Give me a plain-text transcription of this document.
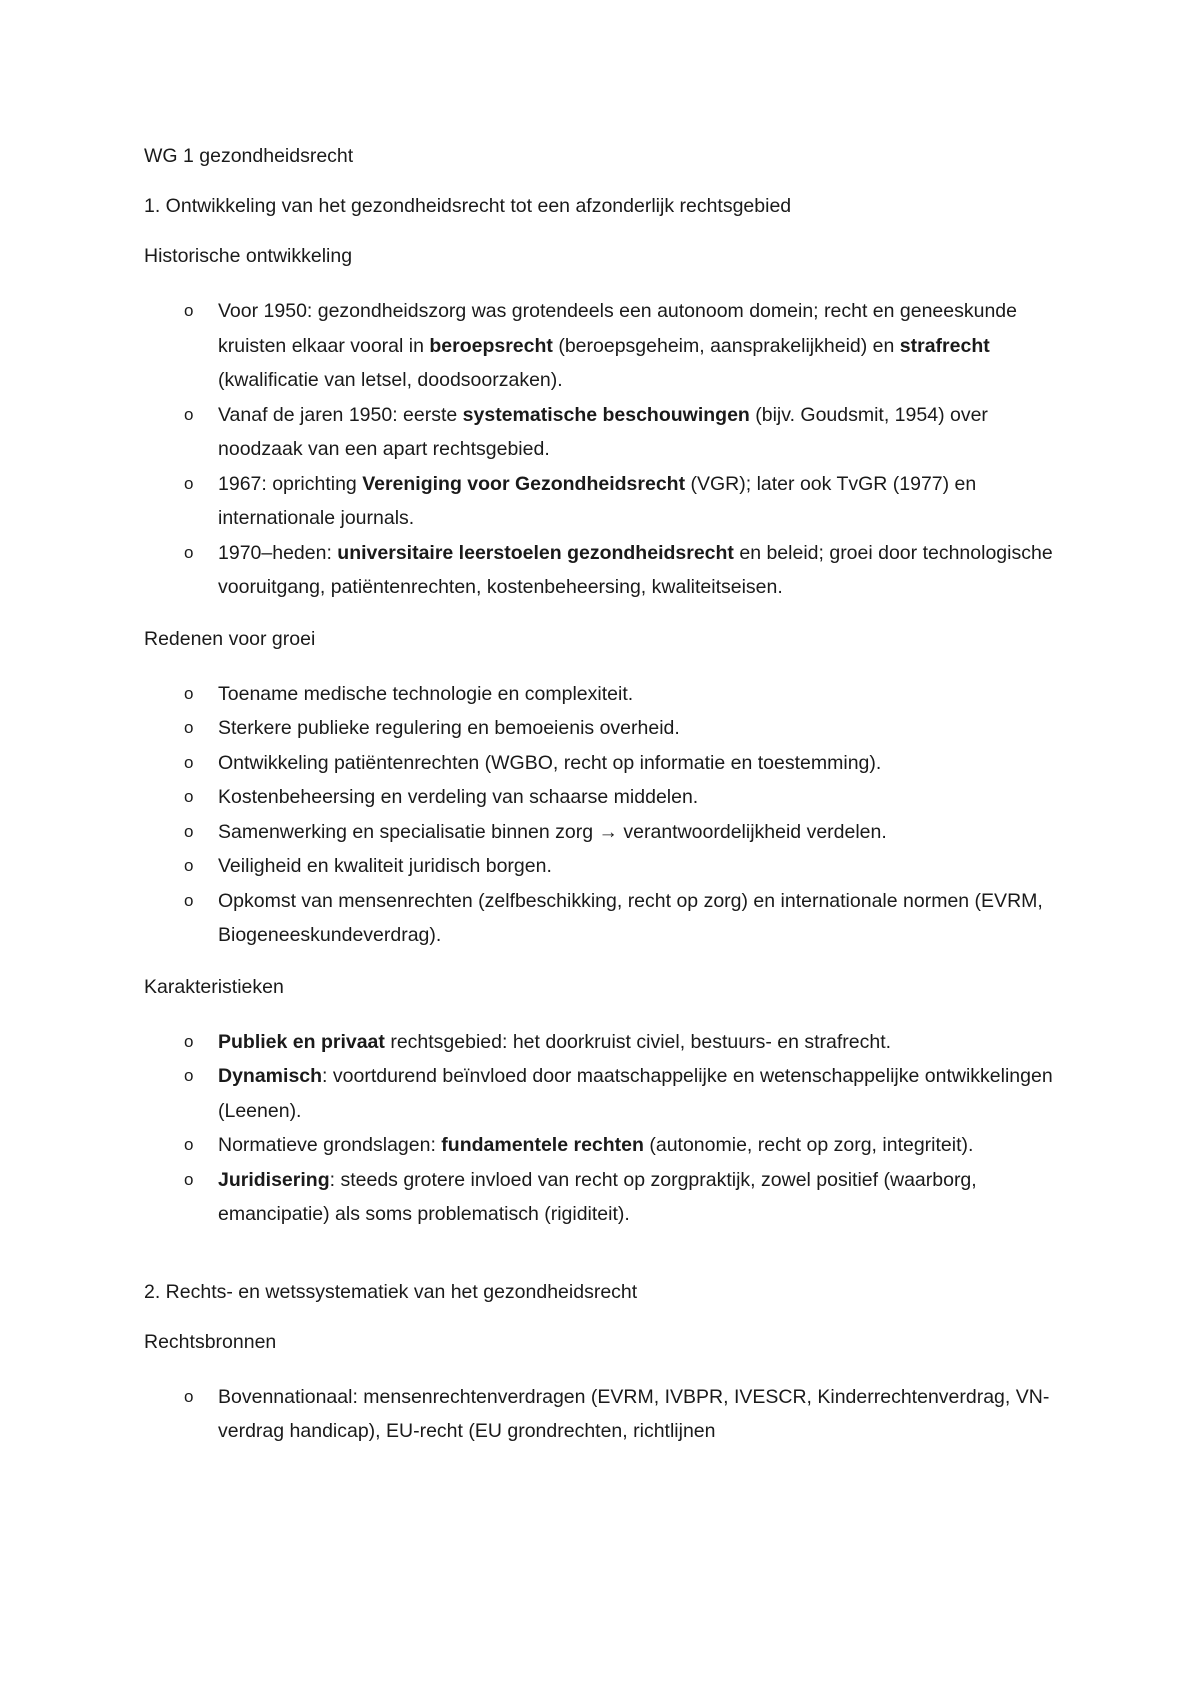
WG 1 gezondheidsrecht

1. Ontwikkeling van het gezondheidsrecht tot een afzonderlijk rechtsgebied

Historische ontwikkeling

o Voor 1950: gezondheidszorg was grotendeels een autonoom domein; recht en geneeskunde kruisten elkaar vooral in beroepsrecht (beroepsgeheim, aansprakelijkheid) en strafrecht (kwalificatie van letsel, doodsoorzaken).
o Vanaf de jaren 1950: eerste systematische beschouwingen (bijv. Goudsmit, 1954) over noodzaak van een apart rechtsgebied.
o 1967: oprichting Vereniging voor Gezondheidsrecht (VGR); later ook TvGR (1977) en internationale journals.
o 1970–heden: universitaire leerstoelen gezondheidsrecht en beleid; groei door technologische vooruitgang, patiëntenrechten, kostenbeheersing, kwaliteitseisen.

Redenen voor groei

o Toename medische technologie en complexiteit.
o Sterkere publieke regulering en bemoeienis overheid.
o Ontwikkeling patiëntenrechten (WGBO, recht op informatie en toestemming).
o Kostenbeheersing en verdeling van schaarse middelen.
o Samenwerking en specialisatie binnen zorg → verantwoordelijkheid verdelen.
o Veiligheid en kwaliteit juridisch borgen.
o Opkomst van mensenrechten (zelfbeschikking, recht op zorg) en internationale normen (EVRM, Biogeneeskundeverdrag).

Karakteristieken

o Publiek en privaat rechtsgebied: het doorkruist civiel, bestuurs- en strafrecht.
o Dynamisch: voortdurend beïnvloed door maatschappelijke en wetenschappelijke ontwikkelingen (Leenen).
o Normatieve grondslagen: fundamentele rechten (autonomie, recht op zorg, integriteit).
o Juridisering: steeds grotere invloed van recht op zorgpraktijk, zowel positief (waarborg, emancipatie) als soms problematisch (rigiditeit).

2. Rechts- en wetssystematiek van het gezondheidsrecht

Rechtsbronnen

o Bovennationaal: mensenrechtenverdragen (EVRM, IVBPR, IVESCR, Kinderrechtenverdrag, VN-verdrag handicap), EU-recht (EU grondrechten, richtlijnen
